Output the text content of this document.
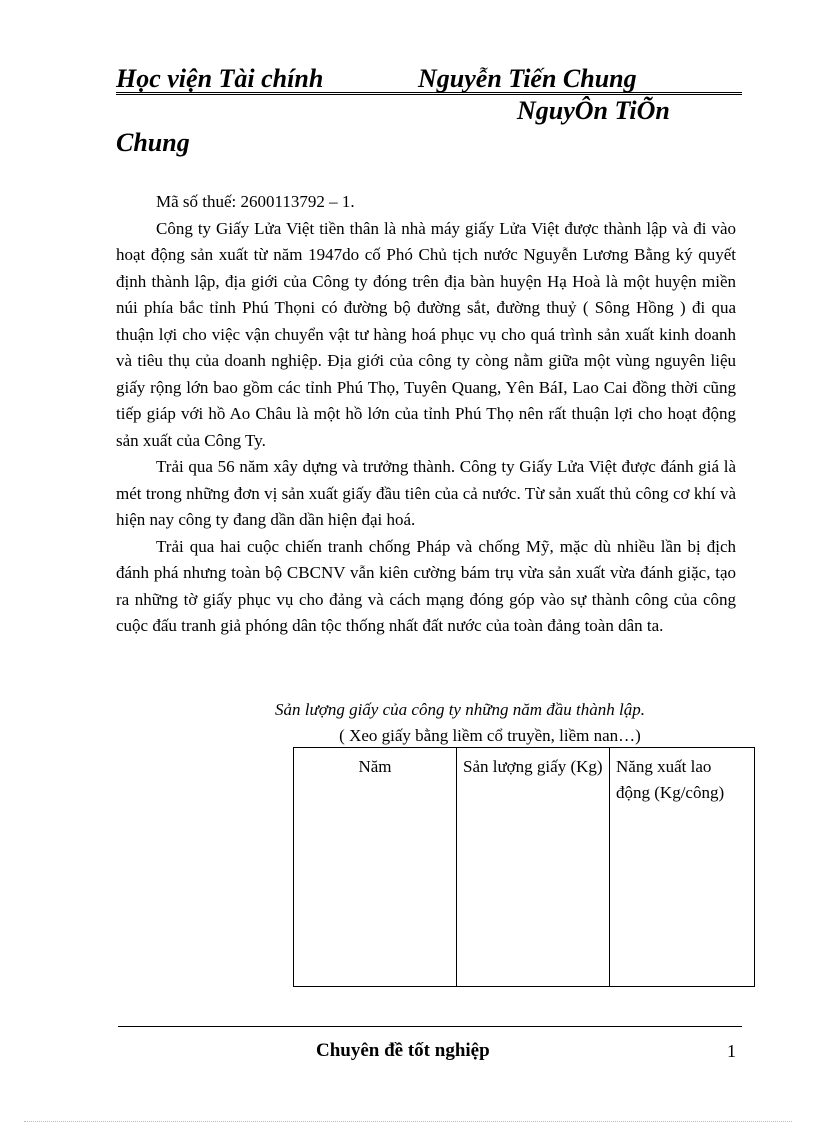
Học viện Tài chính	Nguyễn Tiến Chung
NguyÔn TiÕn
Chung

Mã số thuế: 2600113792 – 1.

Công ty Giấy Lửa Việt tiền thân là nhà máy giấy Lửa Việt được thành lập và đi vào hoạt động sản xuất từ năm 1947do cố Phó Chủ tịch nước Nguyễn Lương Bằng ký quyết định thành lập, địa giới của Công ty đóng trên địa bàn huyện Hạ Hoà là một huyện miền núi phía bắc tỉnh Phú Thọni có đường bộ đường sắt, đường thuỷ ( Sông Hồng ) đi qua thuận lợi cho việc vận chuyển vật tư hàng hoá phục vụ cho quá trình sản xuất kinh doanh và tiêu thụ của doanh nghiệp. Địa giới của công ty còng nằm giữa một vùng nguyên liệu giấy rộng lớn bao gồm các tỉnh Phú Thọ, Tuyên Quang, Yên BáI, Lao Cai đồng thời cũng tiếp giáp với hồ Ao Châu là một hồ lớn của tỉnh Phú Thọ nên rất thuận lợi cho hoạt động sản xuất của Công Ty.

Trải qua 56 năm xây dựng và trưởng thành. Công ty Giấy Lửa Việt được đánh giá là mét trong những đơn vị sản xuất giấy đầu tiên của cả nước. Từ sản xuất thủ công cơ khí và hiện nay công ty đang dần dần hiện đại hoá.

Trải qua hai cuộc chiến tranh chống Pháp và chống Mỹ, mặc dù nhiều lần bị địch đánh phá nhưng toàn bộ CBCNV vẫn kiên cường bám trụ vừa sản xuất vừa đánh giặc, tạo ra những tờ giấy phục vụ cho đảng và cách mạng đóng góp vào sự thành công của công cuộc đấu tranh giả phóng dân tộc thống nhất đất nước của toàn đảng toàn dân ta.

Sản lượng giấy của công ty những năm đầu thành lập.
( Xeo giấy bằng liềm cổ truyền, liềm nan…)
Năm	Sản lượng giấy (Kg)	Năng xuất lao động (Kg/công)
Chuyên đề tốt nghiệp	1
